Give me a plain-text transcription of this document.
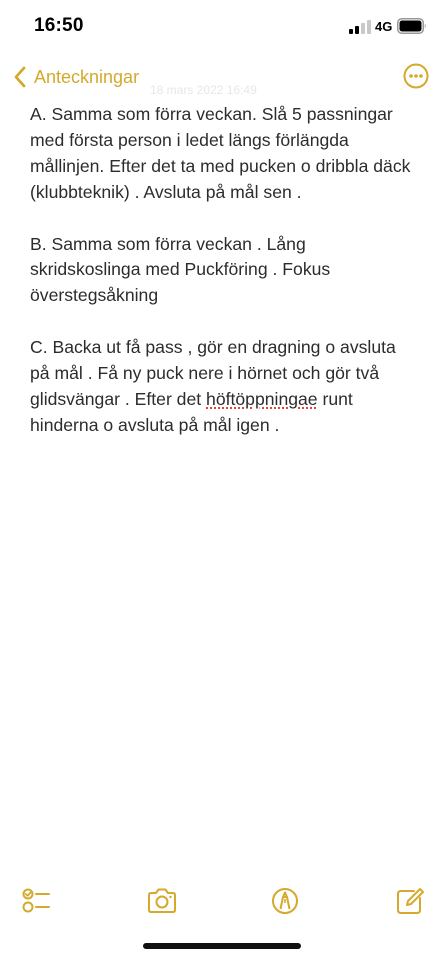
16:50	4G
Anteckningar
18 mars 2022 16:49

A. Samma som förra veckan. Slå 5 passningar med första person i ledet längs förlängda mållinjen. Efter det ta med pucken o dribbla däck (klubbteknik) . Avsluta på mål sen .

B. Samma som förra veckan . Lång skridskoslinga med Puckföring . Fokus överstegsåkning

C. Backa ut få pass , gör en dragning o avsluta på mål . Få ny puck nere i hörnet och gör två glidsvängar . Efter det höftöppningae runt hinderna o avsluta på mål igen .
